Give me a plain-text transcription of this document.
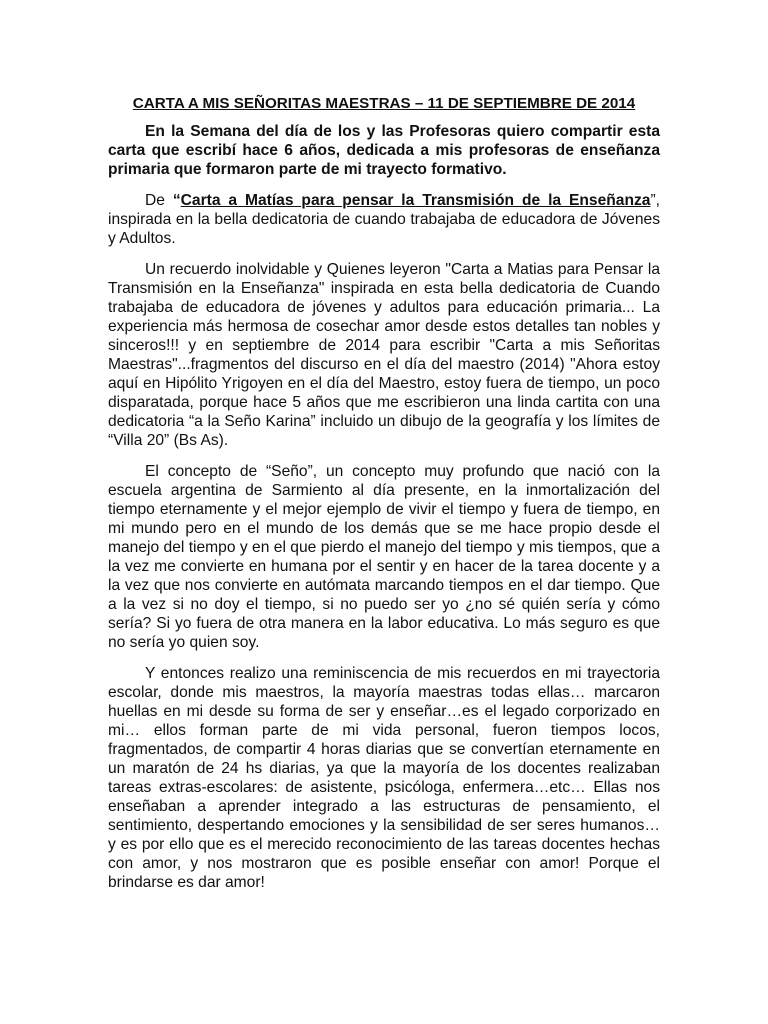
CARTA A MIS SEÑORITAS MAESTRAS – 11 DE SEPTIEMBRE DE 2014

En la Semana del día de los y las Profesoras quiero compartir esta carta que escribí hace 6 años, dedicada a mis profesoras de enseñanza primaria que formaron parte de mi trayecto formativo.

De “Carta a Matías para pensar la Transmisión de la Enseñanza”, inspirada en la bella dedicatoria de cuando trabajaba de educadora de Jóvenes y Adultos.

Un recuerdo inolvidable y Quienes leyeron "Carta a Matias para Pensar la Transmisión en la Enseñanza" inspirada en esta bella dedicatoria de Cuando trabajaba de educadora de jóvenes y adultos para educación primaria... La experiencia más hermosa de cosechar amor desde estos detalles tan nobles y sinceros!!! y en septiembre de 2014 para escribir "Carta a mis Señoritas Maestras"...fragmentos del discurso en el día del maestro (2014) "Ahora estoy aquí en Hipólito Yrigoyen en el día del Maestro, estoy fuera de tiempo, un poco disparatada, porque hace 5 años que me escribieron una linda cartita con una dedicatoria “a la Seño Karina” incluido un dibujo de la geografía y los límites de “Villa 20” (Bs As).

El concepto de “Seño”, un concepto muy profundo que nació con la escuela argentina de Sarmiento al día presente, en la inmortalización del tiempo eternamente y el mejor ejemplo de vivir el tiempo y fuera de tiempo, en mi mundo pero en el mundo de los demás que se me hace propio desde el manejo del tiempo y en el que pierdo el manejo del tiempo y mis tiempos, que a la vez me convierte en humana por el sentir y en hacer de la tarea docente y a la vez que nos convierte en autómata marcando tiempos en el dar tiempo. Que a la vez si no doy el tiempo, si no puedo ser yo ¿no sé quién sería y cómo sería? Si yo fuera de otra manera en la labor educativa. Lo más seguro es que no sería yo quien soy.

Y entonces realizo una reminiscencia de mis recuerdos en mi trayectoria escolar, donde mis maestros, la mayoría maestras todas ellas… marcaron huellas en mi desde su forma de ser y enseñar…es el legado corporizado en mi… ellos forman parte de mi vida personal, fueron tiempos locos, fragmentados, de compartir 4 horas diarias que se convertían eternamente en un maratón de 24 hs diarias, ya que la mayoría de los docentes realizaban tareas extras-escolares: de asistente, psicóloga, enfermera…etc… Ellas nos enseñaban a aprender integrado a las estructuras de pensamiento, el sentimiento, despertando emociones y la sensibilidad de ser seres humanos… y es por ello que es el merecido reconocimiento de las tareas docentes hechas con amor, y nos mostraron que es posible enseñar con amor! Porque el brindarse es dar amor!
